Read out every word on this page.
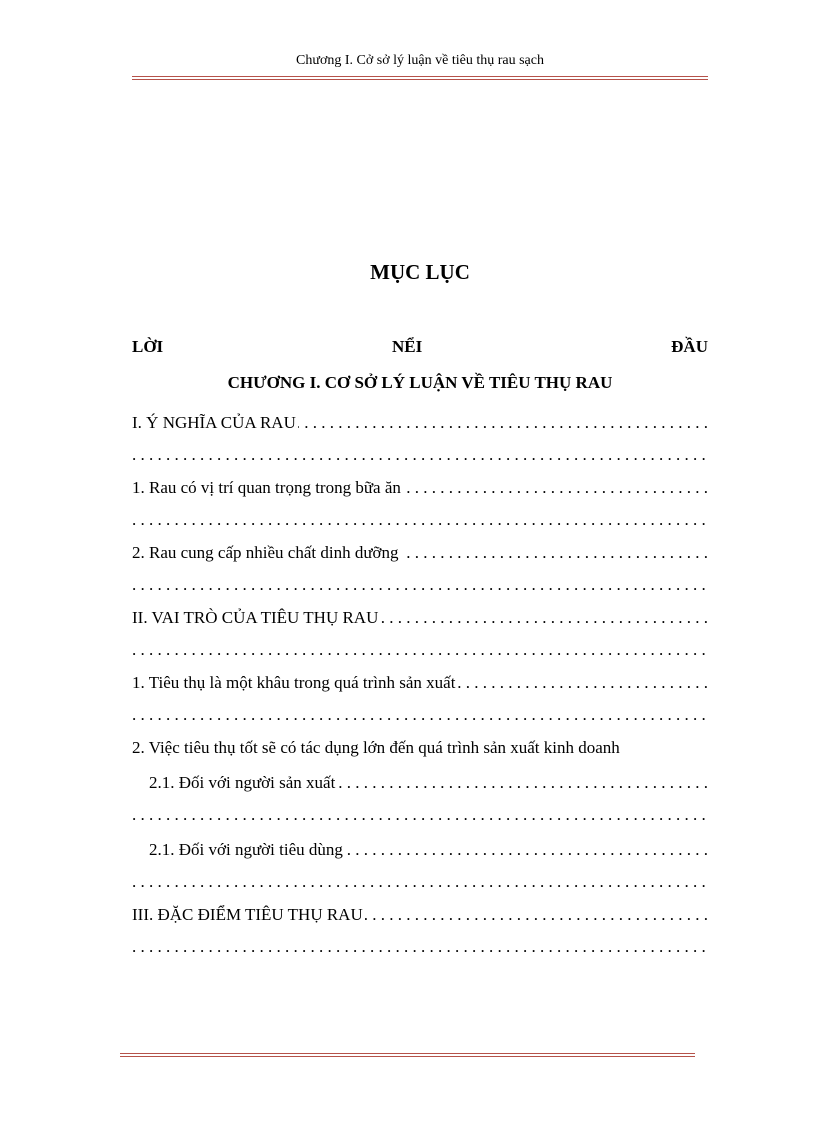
Chương I. Cở sở lý luận về tiêu thụ rau sạch
MỤC LỤC
LỜI	NỂI	ĐẦU
CHƯƠNG I. CƠ SỞ LÝ LUẬN VỀ TIÊU THỤ RAU
I. Ý NGHĨA CỦA RAU . . .
. . .
1. Rau có vị trí quan trọng trong bữa ăn . . .
. . .
2. Rau cung cấp nhiều chất dinh dưỡng . . .
. . .
II. VAI TRÒ CỦA TIÊU THỤ RAU . . .
. . .
1. Tiêu thụ là một khâu trong quá trình sản xuất . . .
. . .
2. Việc tiêu thụ tốt sẽ có tác dụng lớn đến quá trình sản xuất kinh doanh
2.1. Đối với người sản xuất . . .
. . .
2.1. Đối với người tiêu dùng . . .
. . .
III. ĐẶC ĐIỂM TIÊU THỤ RAU . . .
. . .
